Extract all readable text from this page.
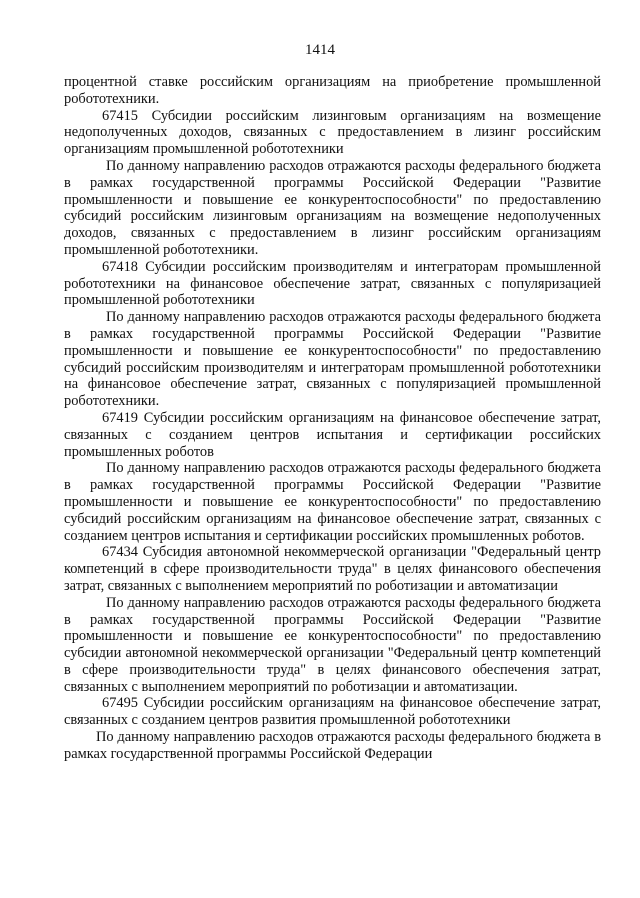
1414

процентной ставке российским организациям на приобретение промышленной робототехники.

67415 Субсидии российским лизинговым организациям на возмещение недополученных доходов, связанных с предоставлением в лизинг российским организациям промышленной робототехники

По данному направлению расходов отражаются расходы федерального бюджета в рамках государственной программы Российской Федерации "Развитие промышленности и повышение ее конкурентоспособности" по предоставлению субсидий российским лизинговым организациям на возмещение недополученных доходов, связанных с предоставлением в лизинг российским организациям промышленной робототехники.

67418 Субсидии российским производителям и интеграторам промышленной робототехники на финансовое обеспечение затрат, связанных с популяризацией промышленной робототехники

По данному направлению расходов отражаются расходы федерального бюджета в рамках государственной программы Российской Федерации "Развитие промышленности и повышение ее конкурентоспособности" по предоставлению субсидий российским производителям и интеграторам промышленной робототехники на финансовое обеспечение затрат, связанных с популяризацией промышленной робототехники.

67419 Субсидии российским организациям на финансовое обеспечение затрат, связанных с созданием центров испытания и сертификации российских промышленных роботов

По данному направлению расходов отражаются расходы федерального бюджета в рамках государственной программы Российской Федерации "Развитие промышленности и повышение ее конкурентоспособности" по предоставлению субсидий российским организациям на финансовое обеспечение затрат, связанных с созданием центров испытания и сертификации российских промышленных роботов.

67434 Субсидия автономной некоммерческой организации "Федеральный центр компетенций в сфере производительности труда" в целях финансового обеспечения затрат, связанных с выполнением мероприятий по роботизации и автоматизации

По данному направлению расходов отражаются расходы федерального бюджета в рамках государственной программы Российской Федерации "Развитие промышленности и повышение ее конкурентоспособности" по предоставлению субсидии автономной некоммерческой организации "Федеральный центр компетенций в сфере производительности труда" в целях финансового обеспечения затрат, связанных с выполнением мероприятий по роботизации и автоматизации.

67495 Субсидии российским организациям на финансовое обеспечение затрат, связанных с созданием центров развития промышленной робототехники

По данному направлению расходов отражаются расходы федерального бюджета в рамках государственной программы Российской Федерации
